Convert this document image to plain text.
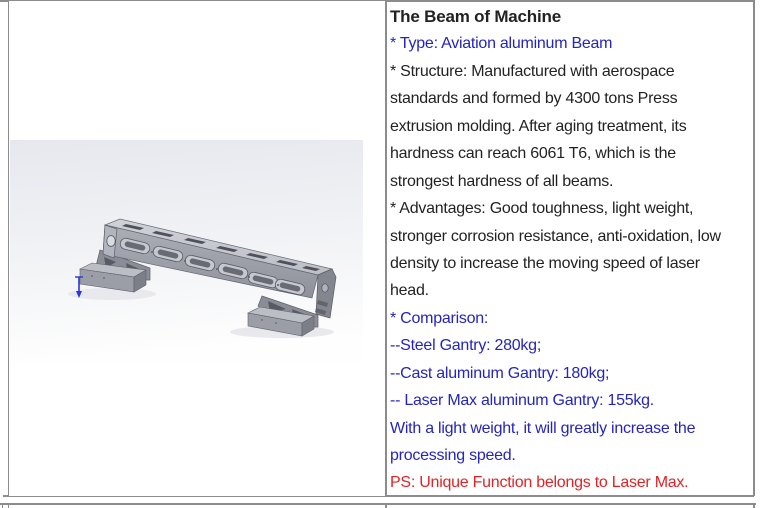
The Beam of Machine
* Type: Aviation aluminum Beam
* Structure: Manufactured with aerospace
standards and formed by 4300 tons Press
extrusion molding. After aging treatment, its
hardness can reach 6061 T6, which is the
strongest hardness of all beams.
* Advantages: Good toughness, light weight,
stronger corrosion resistance, anti-oxidation, low
density to increase the moving speed of laser
head.
* Comparison:
--Steel Gantry: 280kg;
--Cast aluminum Gantry: 180kg;
-- Laser Max aluminum Gantry: 155kg.
With a light weight, it will greatly increase the
processing speed.
PS: Unique Function belongs to Laser Max.
